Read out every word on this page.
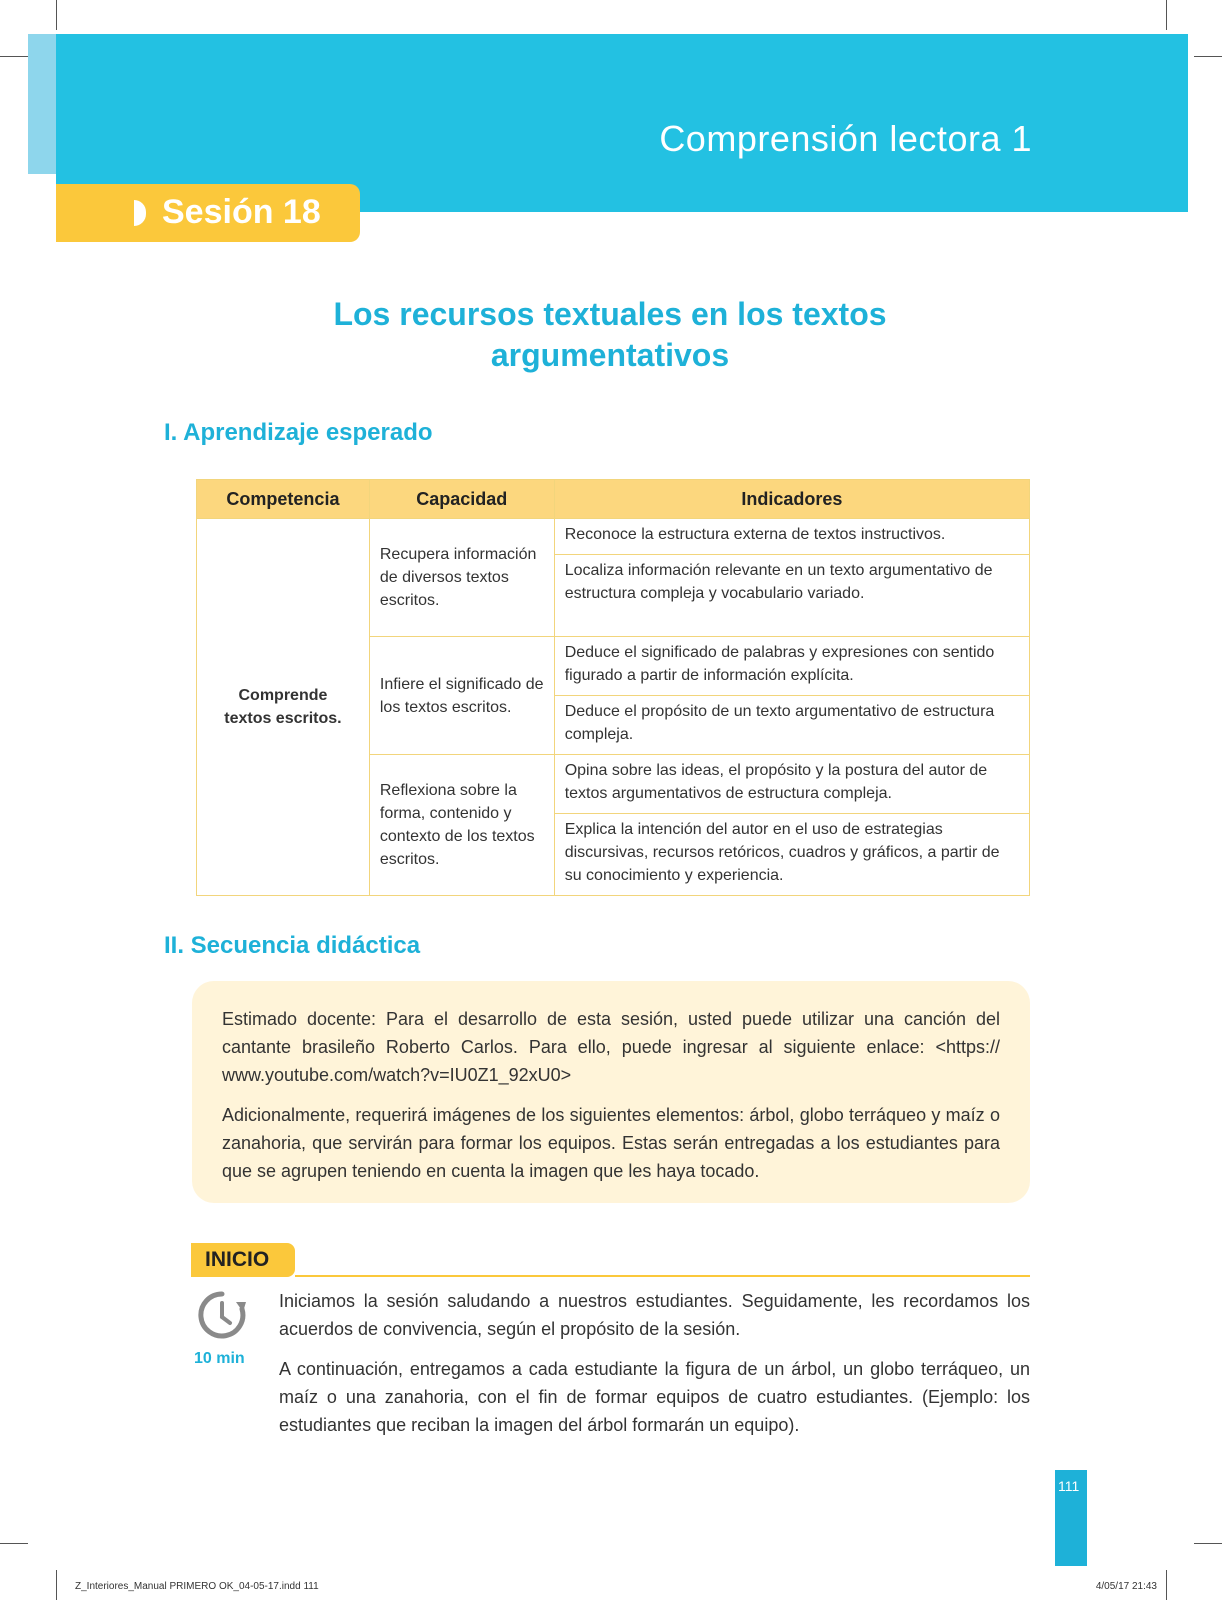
Comprensión lectora 1
Sesión 18
Los recursos textuales en los textos
argumentativos
I. Aprendizaje esperado
Competencia	Capacidad	Indicadores
Comprende
textos escritos.	Recupera información de diversos textos escritos.	Reconoce la estructura externa de textos instructivos.
		Localiza información relevante en un texto argumentativo de estructura compleja y vocabulario variado.
	Infiere el significado de los textos escritos.	Deduce el significado de palabras y expresiones con sentido figurado a partir de información explícita.
		Deduce el propósito de un texto argumentativo de estructura compleja.
	Reflexiona sobre la forma, contenido y contexto de los textos escritos.	Opina sobre las ideas, el propósito y la postura del autor de textos argumentativos de estructura compleja.
		Explica la intención del autor en el uso de estrategias discursivas, recursos retóricos, cuadros y gráficos, a partir de su conocimiento y experiencia.
II. Secuencia didáctica

Estimado docente: Para el desarrollo de esta sesión, usted puede utilizar una canción del cantante brasileño Roberto Carlos. Para ello, puede ingresar al siguiente enlace: <https:// www.youtube.com/watch?v=IU0Z1_92xU0>

Adicionalmente, requerirá imágenes de los siguientes elementos: árbol, globo terráqueo y maíz o zanahoria, que servirán para formar los equipos. Estas serán entregadas a los estudiantes para que se agrupen teniendo en cuenta la imagen que les haya tocado.

INICIO
10 min

Iniciamos la sesión saludando a nuestros estudiantes. Seguidamente, les recordamos los acuerdos de convivencia, según el propósito de la sesión.

A continuación, entregamos a cada estudiante la figura de un árbol, un globo terráqueo, un maíz o una zanahoria, con el fin de formar equipos de cuatro estudiantes. (Ejemplo: los estudiantes que reciban la imagen del árbol formarán un equipo).

111
Z_Interiores_Manual PRIMERO OK_04-05-17.indd 111	4/05/17 21:43
